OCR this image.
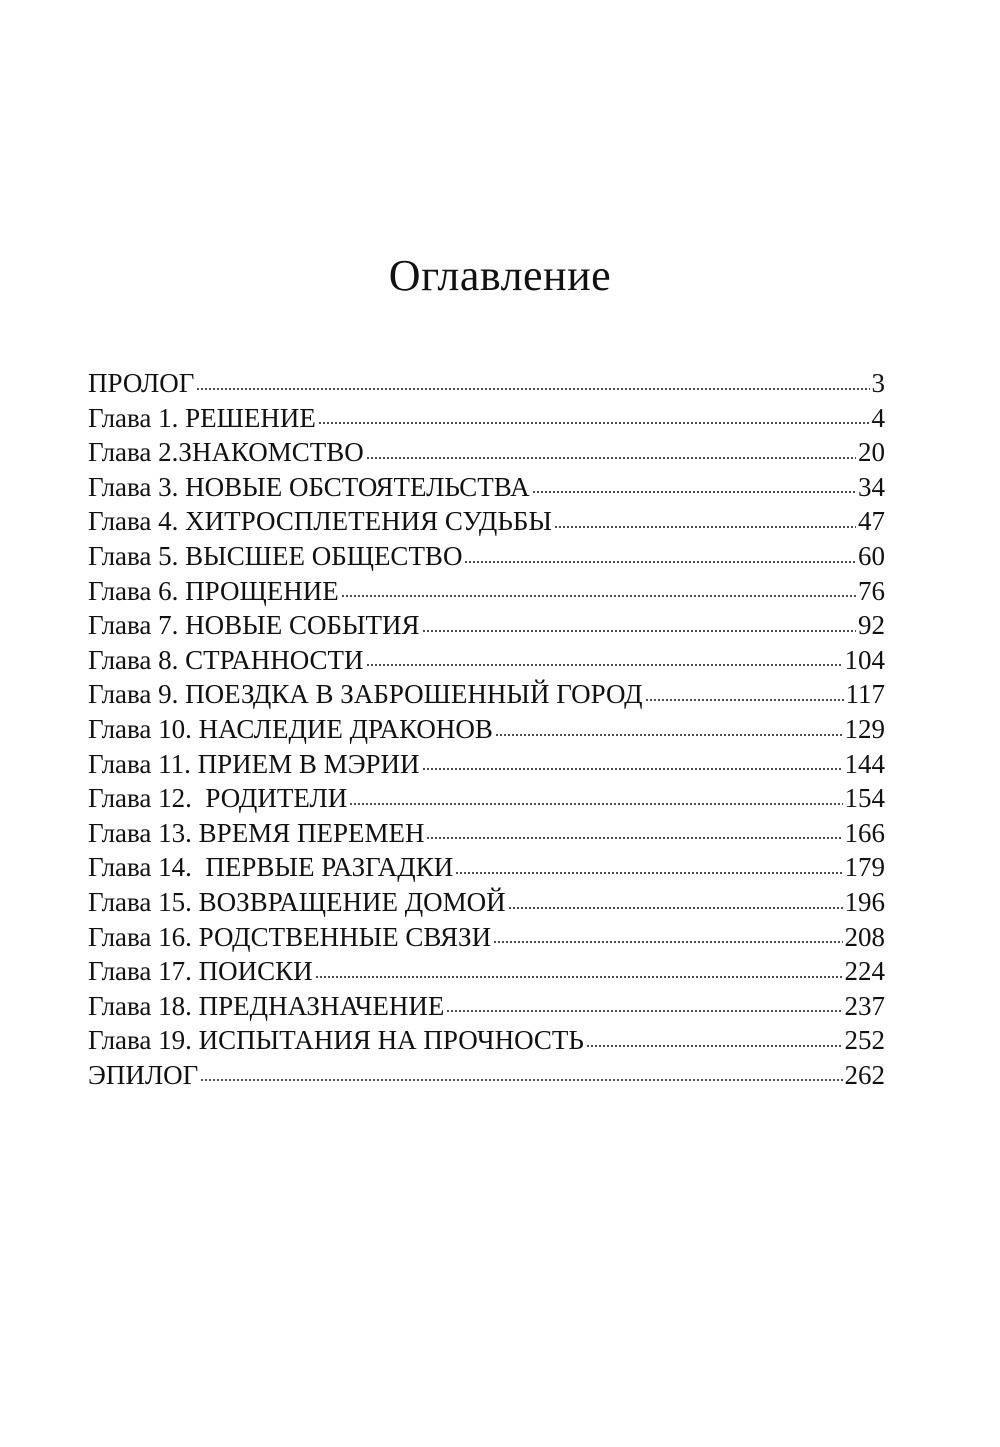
Оглавление
ПРОЛОГ	3
Глава 1. РЕШЕНИЕ	4
Глава 2.ЗНАКОМСТВО	20
Глава 3. НОВЫЕ ОБСТОЯТЕЛЬСТВА	34
Глава 4. ХИТРОСПЛЕТЕНИЯ СУДЬБЫ	47
Глава 5. ВЫСШЕЕ ОБЩЕСТВО	60
Глава 6. ПРОЩЕНИЕ	76
Глава 7. НОВЫЕ СОБЫТИЯ	92
Глава 8. СТРАННОСТИ	104
Глава 9. ПОЕЗДКА В ЗАБРОШЕННЫЙ ГОРОД	117
Глава 10. НАСЛЕДИЕ ДРАКОНОВ	129
Глава 11. ПРИЕМ В МЭРИИ	144
Глава 12.  РОДИТЕЛИ	154
Глава 13. ВРЕМЯ ПЕРЕМЕН	166
Глава 14.  ПЕРВЫЕ РАЗГАДКИ	179
Глава 15. ВОЗВРАЩЕНИЕ ДОМОЙ	196
Глава 16. РОДСТВЕННЫЕ СВЯЗИ	208
Глава 17. ПОИСКИ	224
Глава 18. ПРЕДНАЗНАЧЕНИЕ	237
Глава 19. ИСПЫТАНИЯ НА ПРОЧНОСТЬ	252
ЭПИЛОГ	262
